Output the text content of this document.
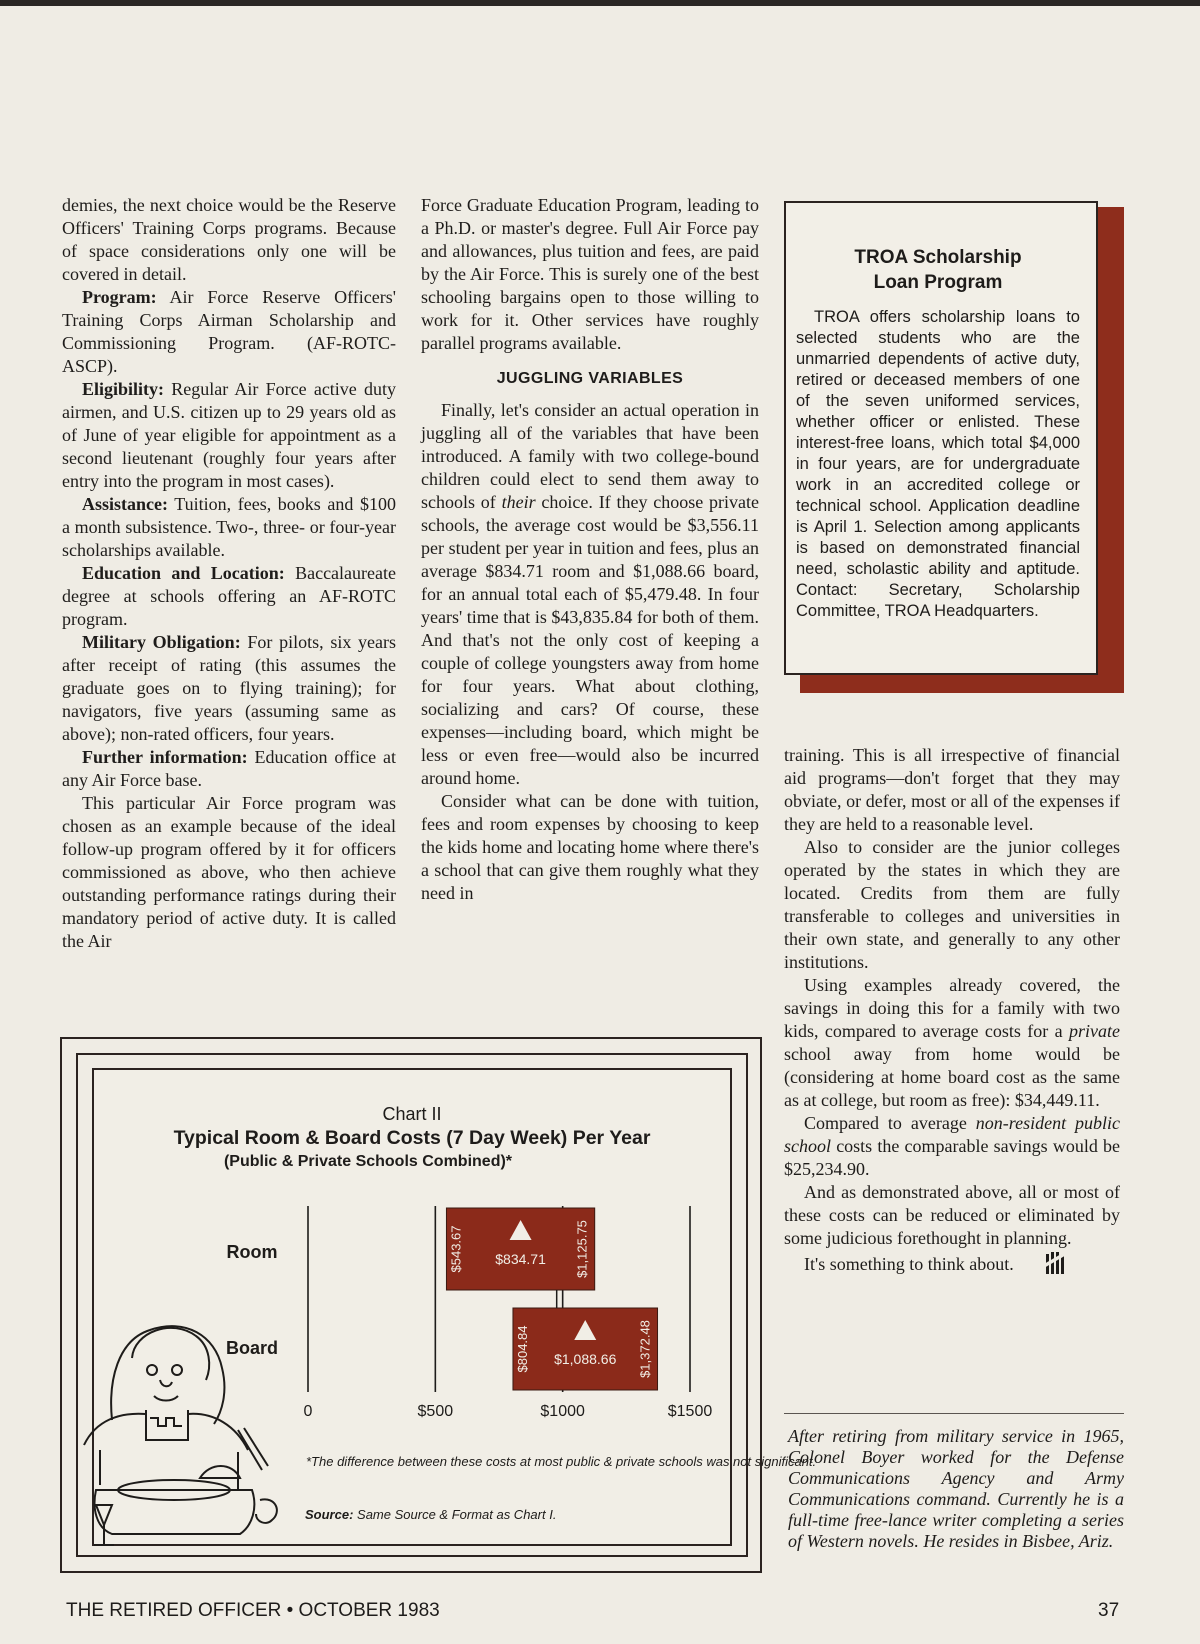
demies, the next choice would be the Reserve Officers' Training Corps programs. Because of space considerations only one will be covered in detail.

Program: Air Force Reserve Officers' Training Corps Airman Scholarship and Commissioning Program. (AF-ROTC-ASCP).

Eligibility: Regular Air Force active duty airmen, and U.S. citizen up to 29 years old as of June of year eligible for appointment as a second lieutenant (roughly four years after entry into the program in most cases).

Assistance: Tuition, fees, books and $100 a month subsistence. Two-, three- or four-year scholarships available.

Education and Location: Baccalaureate degree at schools offering an AF-ROTC program.

Military Obligation: For pilots, six years after receipt of rating (this assumes the graduate goes on to flying training); for navigators, five years (assuming same as above); non-rated officers, four years.

Further information: Education office at any Air Force base.

This particular Air Force program was chosen as an example because of the ideal follow-up program offered by it for officers commissioned as above, who then achieve outstanding performance ratings during their mandatory period of active duty. It is called the Air

Force Graduate Education Program, leading to a Ph.D. or master's degree. Full Air Force pay and allowances, plus tuition and fees, are paid by the Air Force. This is surely one of the best schooling bargains open to those willing to work for it. Other services have roughly parallel programs available.

JUGGLING VARIABLES

Finally, let's consider an actual operation in juggling all of the variables that have been introduced. A family with two college-bound children could elect to send them away to schools of their choice. If they choose private schools, the average cost would be $3,556.11 per student per year in tuition and fees, plus an average $834.71 room and $1,088.66 board, for an annual total each of $5,479.48. In four years' time that is $43,835.84 for both of them. And that's not the only cost of keeping a couple of college youngsters away from home for four years. What about clothing, socializing and cars? Of course, these expenses—including board, which might be less or even free—would also be incurred around home.

Consider what can be done with tuition, fees and room expenses by choosing to keep the kids home and locating home where there's a school that can give them roughly what they need in

TROA Scholarship
Loan Program

TROA offers scholarship loans to selected students who are the unmarried dependents of active duty, retired or deceased members of one of the seven uniformed services, whether officer or enlisted. These interest-free loans, which total $4,000 in four years, are for undergraduate work in an accredited college or technical school. Application deadline is April 1. Selection among applicants is based on demonstrated financial need, scholastic ability and aptitude. Contact: Secretary, Scholarship Committee, TROA Headquarters.

training. This is all irrespective of financial aid programs—don't forget that they may obviate, or defer, most or all of the expenses if they are held to a reasonable level.

Also to consider are the junior colleges operated by the states in which they are located. Credits from them are fully transferable to colleges and universities in their own state, and generally to any other institutions.

Using examples already covered, the savings in doing this for a family with two kids, compared to average costs for a private school away from home would be (considering at home board cost as the same as at college, but room as free): $34,449.11.

Compared to average non-resident public school costs the comparable savings would be $25,234.90.

And as demonstrated above, all or most of these costs can be reduced or eliminated by some judicious forethought in planning.

It's something to think about.

After retiring from military service in 1965, Colonel Boyer worked for the Defense Communications Agency and Army Communications command. Currently he is a full-time free-lance writer completing a series of Western novels. He resides in Bisbee, Ariz.
Chart II
Typical Room & Board Costs (7 Day Week) Per Year
(Public & Private Schools Combined)*
Room	$834.71
$543.67	$1,125.75
Board
$1,088.66
$804.84	$1,372.48
0	$500	$1000	$1500
*The difference between these costs at most public & private schools was not significant.
Source: Same Source & Format as Chart I.
THE RETIRED OFFICER • OCTOBER 1983	37
